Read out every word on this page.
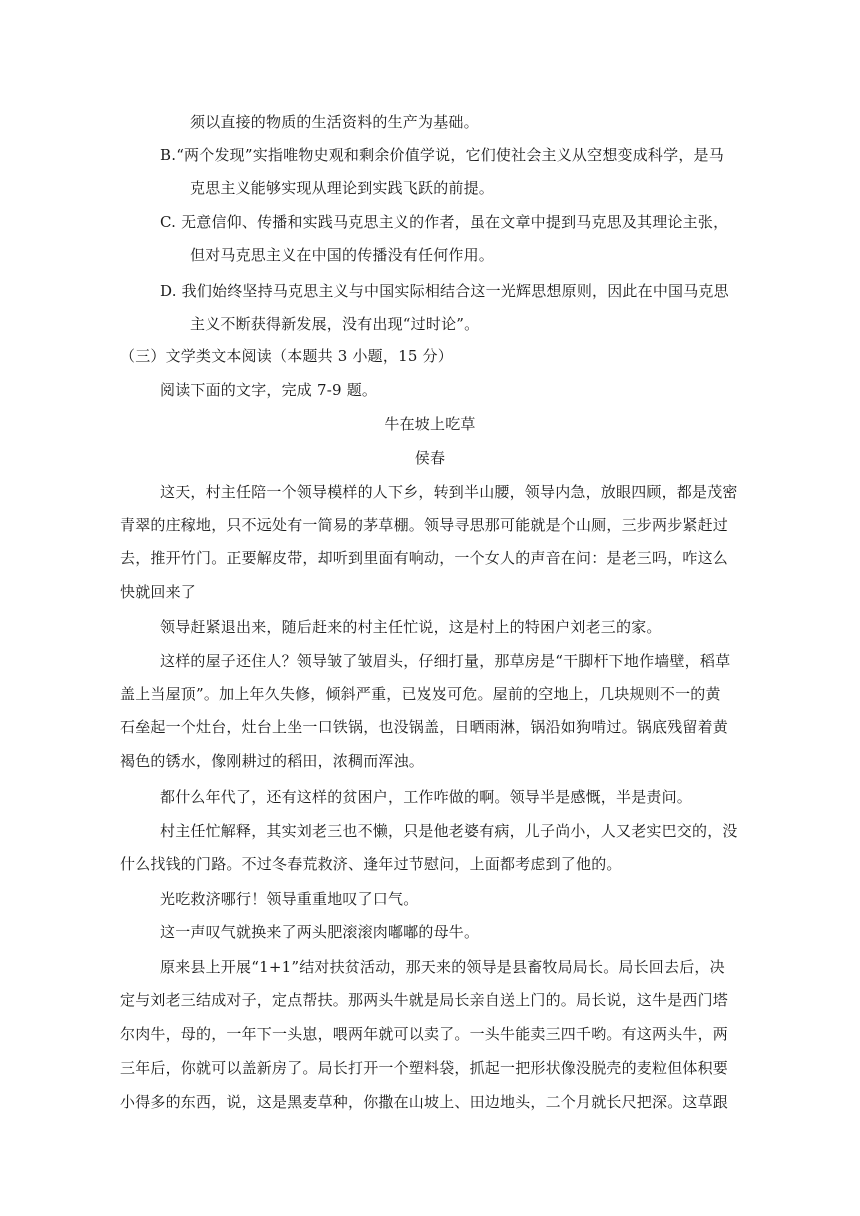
须以直接的物质的生活资料的生产为基础。
B.“两个发现”实指唯物史观和剩余价值学说，它们使社会主义从空想变成科学，是马
克思主义能够实现从理论到实践飞跃的前提。
C. 无意信仰、传播和实践马克思主义的作者，虽在文章中提到马克思及其理论主张，
但对马克思主义在中国的传播没有任何作用。
D. 我们始终坚持马克思主义与中国实际相结合这一光辉思想原则，因此在中国马克思
主义不断获得新发展，没有出现“过时论”。
（三）文学类文本阅读（本题共 3 小题，15 分）
阅读下面的文字，完成 7-9 题。
牛在坡上吃草
侯春
这天，村主任陪一个领导模样的人下乡，转到半山腰，领导内急，放眼四顾，都是茂密
青翠的庄稼地，只不远处有一简易的茅草棚。领导寻思那可能就是个山厕，三步两步紧赶过
去，推开竹门。正要解皮带，却听到里面有响动，一个女人的声音在问：是老三吗，咋这么
快就回来了
领导赶紧退出来，随后赶来的村主任忙说，这是村上的特困户刘老三的家。
这样的屋子还住人？领导皱了皱眉头，仔细打量，那草房是“干脚杆下地作墙壁，稻草
盖上当屋顶”。加上年久失修，倾斜严重，已岌岌可危。屋前的空地上，几块规则不一的黄
石垒起一个灶台，灶台上坐一口铁锅，也没锅盖，日晒雨淋，锅沿如狗啃过。锅底残留着黄
褐色的锈水，像刚耕过的稻田，浓稠而浑浊。
都什么年代了，还有这样的贫困户，工作咋做的啊。领导半是感慨，半是责问。
村主任忙解释，其实刘老三也不懒，只是他老婆有病，儿子尚小，人又老实巴交的，没
什么找钱的门路。不过冬春荒救济、逢年过节慰问，上面都考虑到了他的。
光吃救济哪行！领导重重地叹了口气。
这一声叹气就换来了两头肥滚滚肉嘟嘟的母牛。
原来县上开展“1+1”结对扶贫活动，那天来的领导是县畜牧局局长。局长回去后，决
定与刘老三结成对子，定点帮扶。那两头牛就是局长亲自送上门的。局长说，这牛是西门塔
尔肉牛，母的，一年下一头崽，喂两年就可以卖了。一头牛能卖三四千哟。有这两头牛，两
三年后，你就可以盖新房了。局长打开一个塑料袋，抓起一把形状像没脱壳的麦粒但体积要
小得多的东西，说，这是黑麦草种，你撒在山坡上、田边地头，二个月就长尺把深。这草跟
